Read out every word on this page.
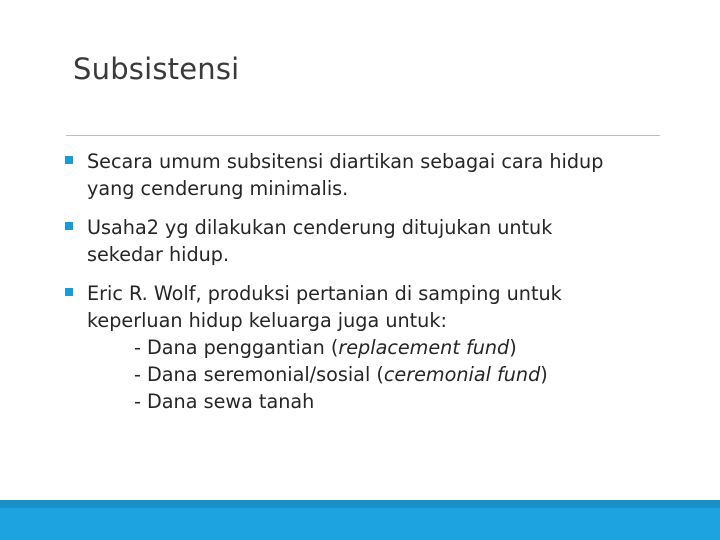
Subsistensi
Secara umum subsitensi diartikan sebagai cara hidup
yang cenderung minimalis.
Usaha2 yg dilakukan cenderung ditujukan untuk
sekedar hidup.
Eric R. Wolf, produksi pertanian di samping untuk
keperluan hidup keluarga juga untuk:
- Dana penggantian (replacement fund)
- Dana seremonial/sosial (ceremonial fund)
- Dana sewa tanah
